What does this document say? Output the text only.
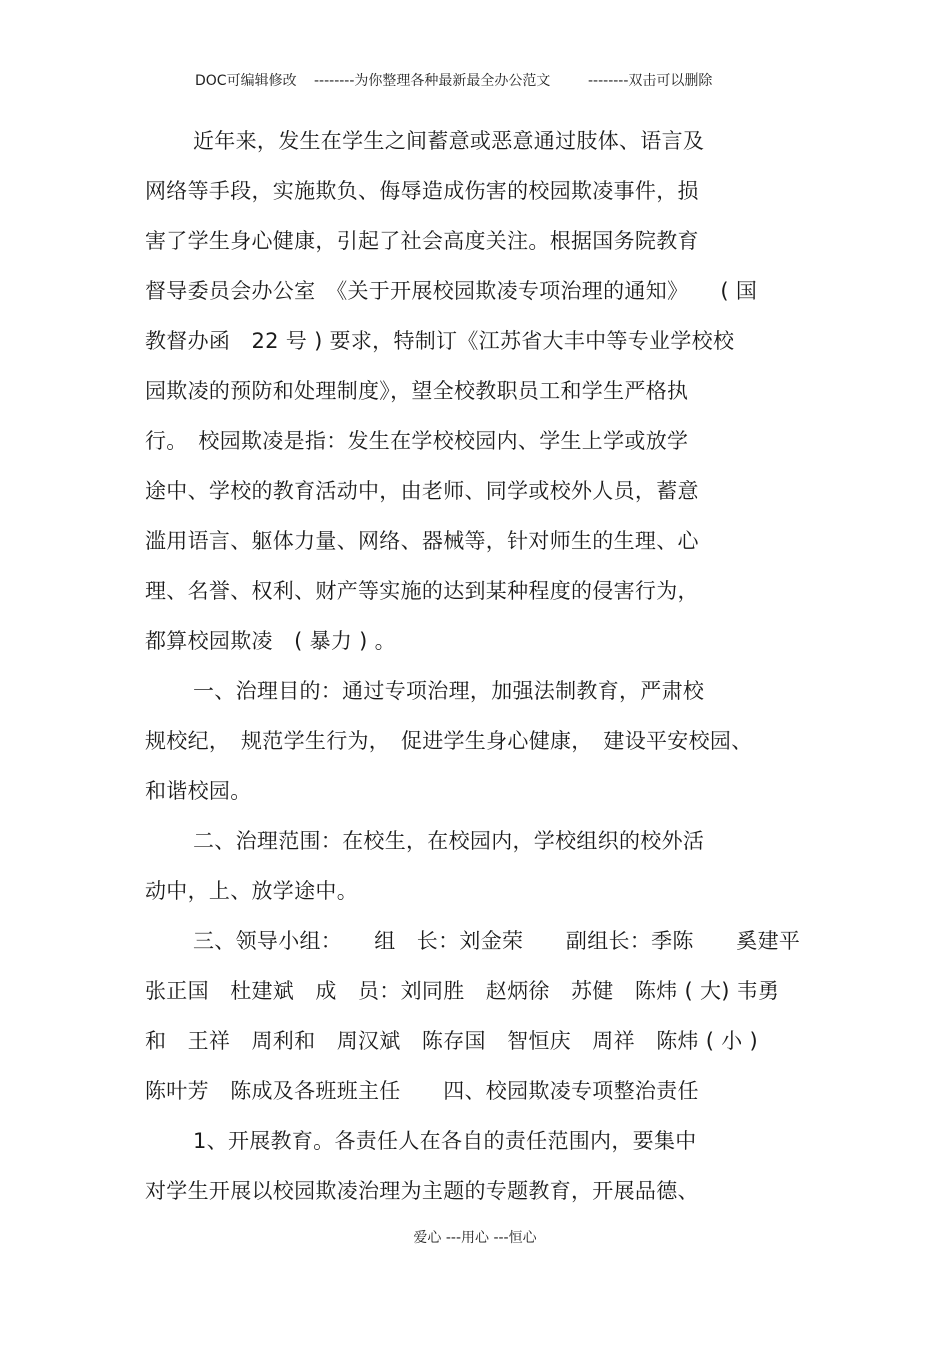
DOC可编辑修改 --------为你整理各种最新最全办公范文	--------双击可以删除
近年来，发生在学生之间蓄意或恶意通过肢体、语言及
网络等手段，实施欺负、侮辱造成伤害的校园欺凌事件，损
害了学生身心健康，引起了社会高度关注。根据国务院教育
督导委员会办公室　《关于开展校园欺凌专项治理的通知》　　( 国
教督办函　22 号 ) 要求，特制订《江苏省大丰中等专业学校校
园欺凌的预防和处理制度》，望全校教职员工和学生严格执
行。　校园欺凌是指：发生在学校校园内、学生上学或放学
途中、学校的教育活动中，由老师、同学或校外人员，蓄意
滥用语言、躯体力量、网络、器械等，针对师生的生理、心
理、名誉、权利、财产等实施的达到某种程度的侵害行为，
都算校园欺凌　( 暴力 ) 。
一、治理目的：通过专项治理，加强法制教育，严肃校
规校纪，　规范学生行为，　促进学生身心健康，　建设平安校园、
和谐校园。
二、治理范围：在校生，在校园内，学校组织的校外活
动中，上、放学途中。
三、领导小组：　　组　长：刘金荣　　副组长：季陈　　奚建平
张正国　杜建斌　成　员：刘同胜　赵炳徐　苏健　陈炜 ( 大) 韦勇
和　王祥　周利和　周汉斌　陈存国　智恒庆　周祥　陈炜 ( 小 )
陈叶芳　陈成及各班班主任　　四、校园欺凌专项整治责任
1、开展教育。各责任人在各自的责任范围内，要集中
对学生开展以校园欺凌治理为主题的专题教育，开展品德、
爱心 ---用心 ---恒心
